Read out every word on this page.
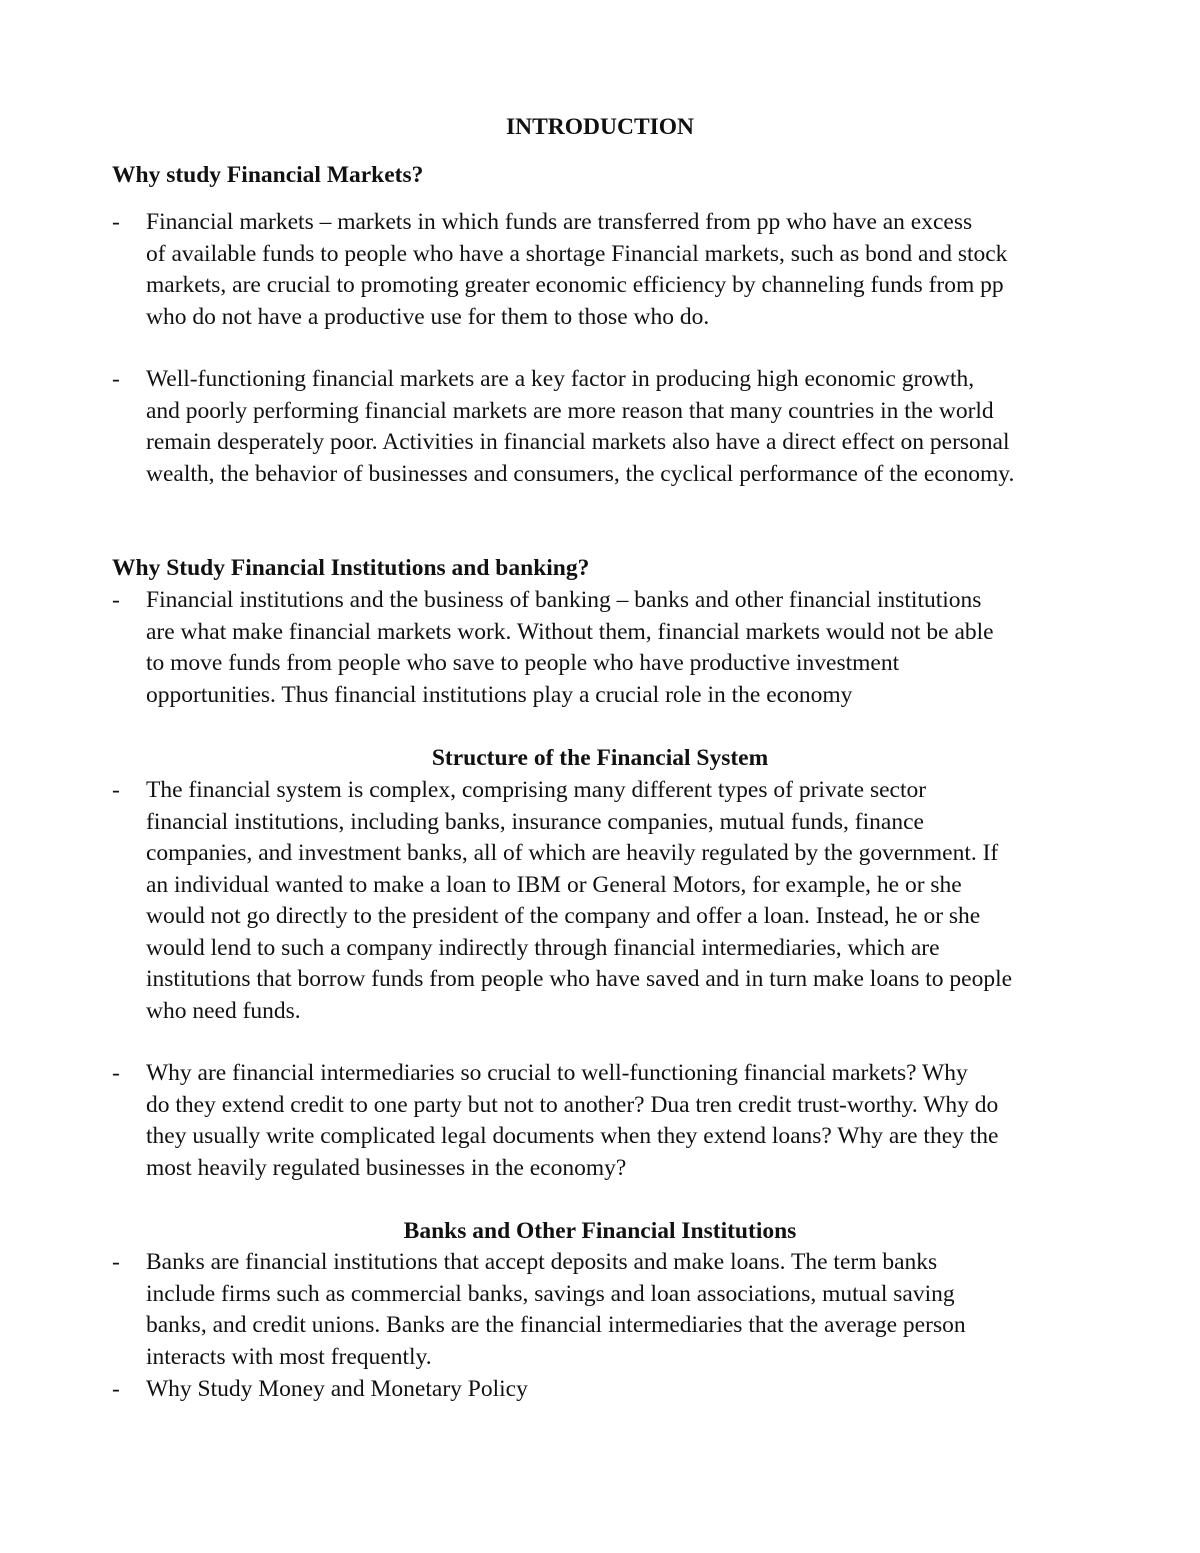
INTRODUCTION
Why study Financial Markets?
-	Financial markets – markets in which funds are transferred from pp who have an excess
of available funds to people who have a shortage Financial markets, such as bond and stock
markets, are crucial to promoting greater economic efficiency by channeling funds from pp
who do not have a productive use for them to those who do.
-	Well-functioning financial markets are a key factor in producing high economic growth,
and poorly performing financial markets are more reason that many countries in the world
remain desperately poor. Activities in financial markets also have a direct effect on personal
wealth, the behavior of businesses and consumers, the cyclical performance of the economy.
Why Study Financial Institutions and banking?
-	Financial institutions and the business of banking – banks and other financial institutions
are what make financial markets work. Without them, financial markets would not be able
to move funds from people who save to people who have productive investment
opportunities. Thus financial institutions play a crucial role in the economy
Structure of the Financial System
-	The financial system is complex, comprising many different types of private sector
financial institutions, including banks, insurance companies, mutual funds, finance
companies, and investment banks, all of which are heavily regulated by the government. If
an individual wanted to make a loan to IBM or General Motors, for example, he or she
would not go directly to the president of the company and offer a loan. Instead, he or she
would lend to such a company indirectly through financial intermediaries, which are
institutions that borrow funds from people who have saved and in turn make loans to people
who need funds.
-	Why are financial intermediaries so crucial to well-functioning financial markets? Why
do they extend credit to one party but not to another? Dua tren credit trust-worthy. Why do
they usually write complicated legal documents when they extend loans? Why are they the
most heavily regulated businesses in the economy?
Banks and Other Financial Institutions
-	Banks are financial institutions that accept deposits and make loans. The term banks
include firms such as commercial banks, savings and loan associations, mutual saving
banks, and credit unions. Banks are the financial intermediaries that the average person
interacts with most frequently.
-	Why Study Money and Monetary Policy
